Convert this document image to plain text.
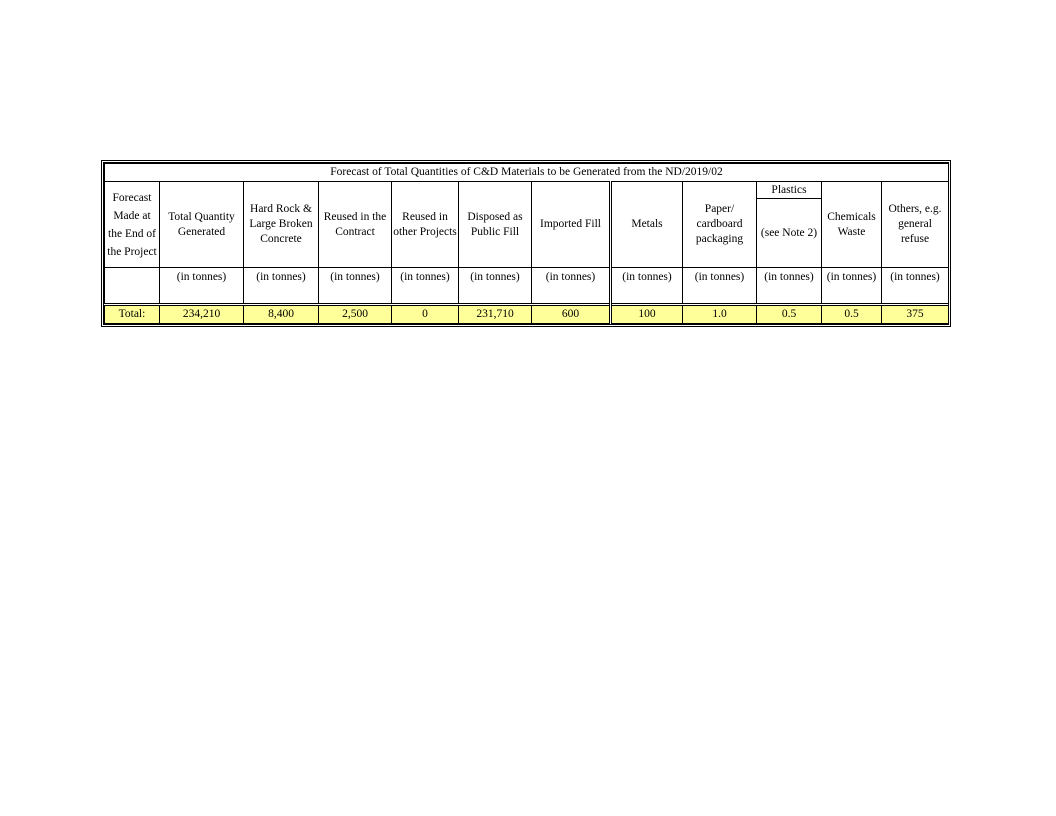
Forecast of Total Quantities of C&D Materials to be Generated from the ND/2019/02											
Forecast Made at the End of the Project	Total Quantity Generated	Hard Rock & Large Broken Concrete	Reused in the Contract	Reused in other Projects	Disposed as Public Fill	Imported Fill	Metals	Paper/ cardboard packaging	Plastics	Chemicals Waste	Others, e.g. general refuse
									(see Note 2)		
	(in tonnes)	(in tonnes)	(in tonnes)	(in tonnes)	(in tonnes)	(in tonnes)	(in tonnes)	(in tonnes)	(in tonnes)	(in tonnes)	(in tonnes)
Total:	234,210	8,400	2,500	0	231,710	600	100	1.0	0.5	0.5	375
